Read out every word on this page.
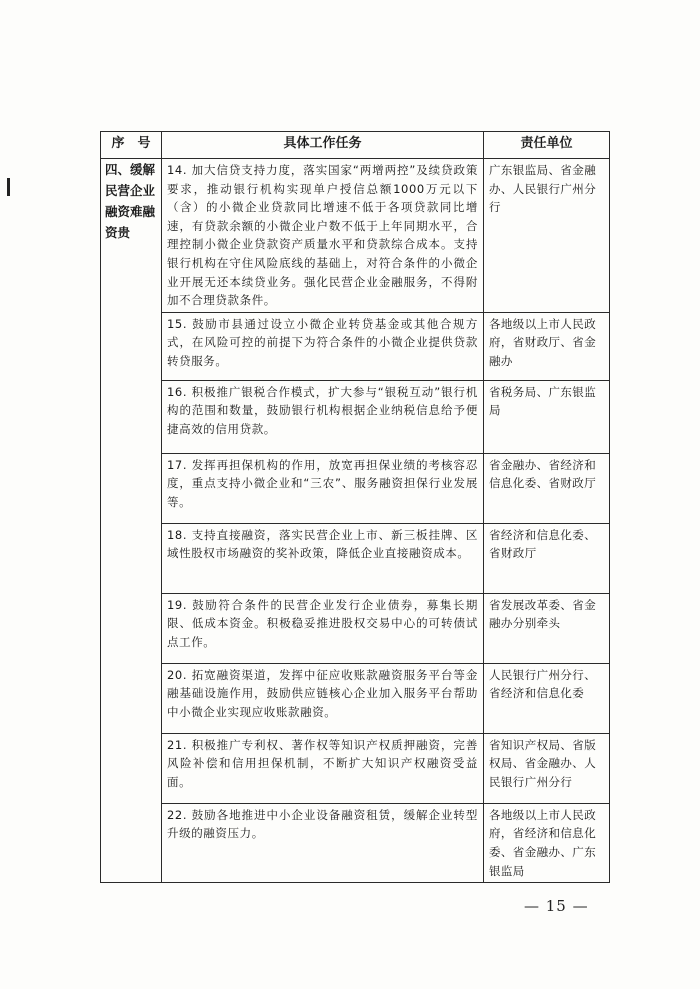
序　号	具体工作任务	责任单位
四、缓解民营企业融资难融资贵	14. 加大信贷支持力度，落实国家“两增两控”及续贷政策要求，推动银行机构实现单户授信总额1000万元以下（含）的小微企业贷款同比增速不低于各项贷款同比增速，有贷款余额的小微企业户数不低于上年同期水平，合理控制小微企业贷款资产质量水平和贷款综合成本。支持银行机构在守住风险底线的基础上，对符合条件的小微企业开展无还本续贷业务。强化民营企业金融服务，不得附加不合理贷款条件。	广东银监局、省金融办、人民银行广州分行
	15. 鼓励市县通过设立小微企业转贷基金或其他合规方式，在风险可控的前提下为符合条件的小微企业提供贷款转贷服务。	各地级以上市人民政府，省财政厅、省金融办
	16. 积极推广银税合作模式，扩大参与“银税互动”银行机构的范围和数量，鼓励银行机构根据企业纳税信息给予便捷高效的信用贷款。	省税务局、广东银监局
	17. 发挥再担保机构的作用，放宽再担保业绩的考核容忍度，重点支持小微企业和“三农”、服务融资担保行业发展等。	省金融办、省经济和信息化委、省财政厅
	18. 支持直接融资，落实民营企业上市、新三板挂牌、区域性股权市场融资的奖补政策，降低企业直接融资成本。	省经济和信息化委、省财政厅
	19. 鼓励符合条件的民营企业发行企业债券，募集长期限、低成本资金。积极稳妥推进股权交易中心的可转债试点工作。	省发展改革委、省金融办分别牵头
	20. 拓宽融资渠道，发挥中征应收账款融资服务平台等金融基础设施作用，鼓励供应链核心企业加入服务平台帮助中小微企业实现应收账款融资。	人民银行广州分行、省经济和信息化委
	21. 积极推广专利权、著作权等知识产权质押融资，完善风险补偿和信用担保机制，不断扩大知识产权融资受益面。	省知识产权局、省版权局、省金融办、人民银行广州分行
	22. 鼓励各地推进中小企业设备融资租赁，缓解企业转型升级的融资压力。	各地级以上市人民政府，省经济和信息化委、省金融办、广东银监局
— 15 —
